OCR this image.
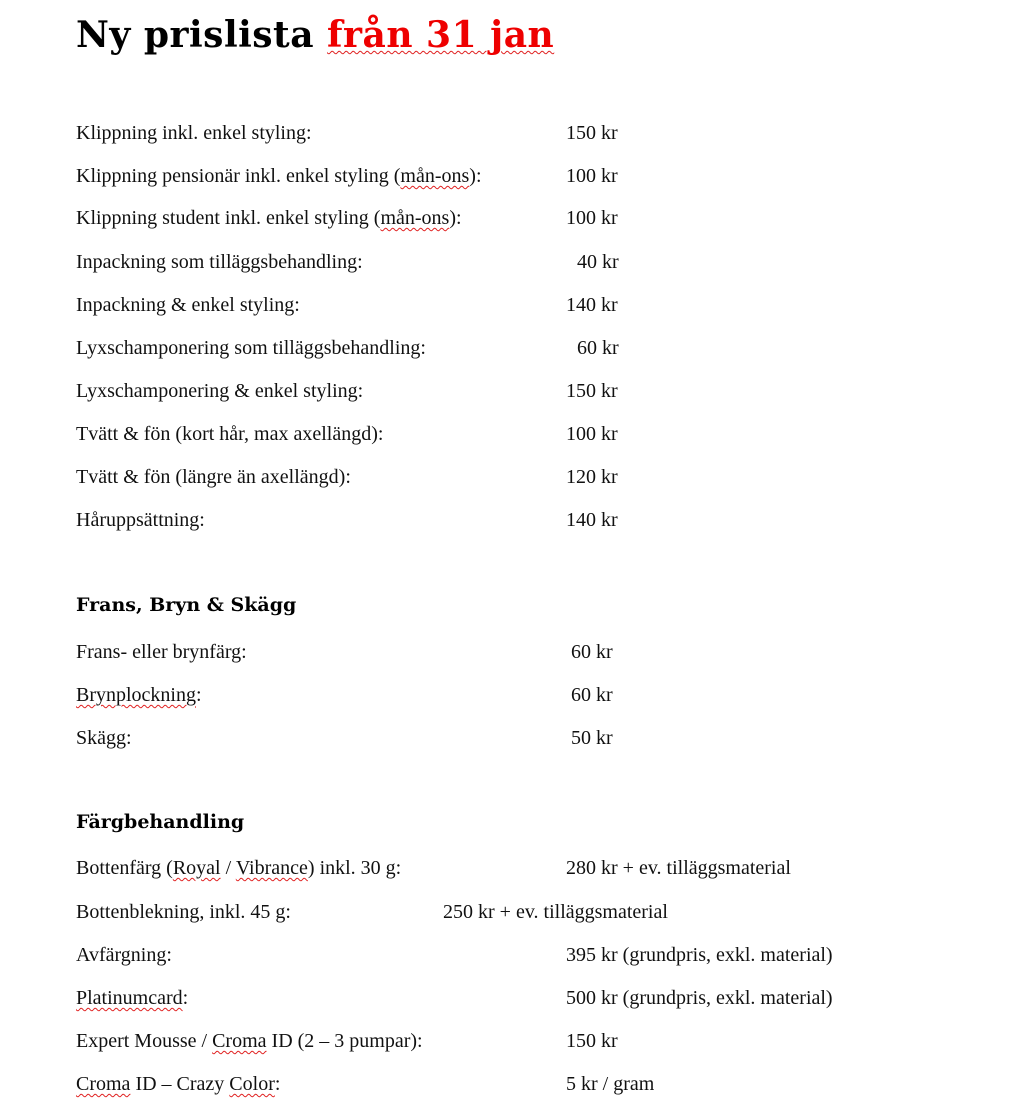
Ny prislista från 31 jan
Klippning inkl. enkel styling:	150 kr
Klippning pensionär inkl. enkel styling (mån-ons):	100 kr
Klippning student inkl. enkel styling (mån-ons):	100 kr
Inpackning som tilläggsbehandling:	40 kr
Inpackning & enkel styling:	140 kr
Lyxschamponering som tilläggsbehandling:	60 kr
Lyxschamponering & enkel styling:	150 kr
Tvätt & fön (kort hår, max axellängd):	100 kr
Tvätt & fön (längre än axellängd):	120 kr
Håruppsättning:	140 kr
Frans, Bryn & Skägg
Frans- eller brynfärg:	60 kr
Brynplockning:	60 kr
Skägg:	50 kr
Färgbehandling
Bottenfärg (Royal / Vibrance) inkl. 30 g:	280 kr + ev. tilläggsmaterial
Bottenblekning, inkl. 45 g:	250 kr + ev. tilläggsmaterial
Avfärgning:	395 kr (grundpris, exkl. material)
Platinumcard:	500 kr (grundpris, exkl. material)
Expert Mousse / Croma ID (2 – 3 pumpar):	150 kr
Croma ID – Crazy Color:	5 kr / gram
